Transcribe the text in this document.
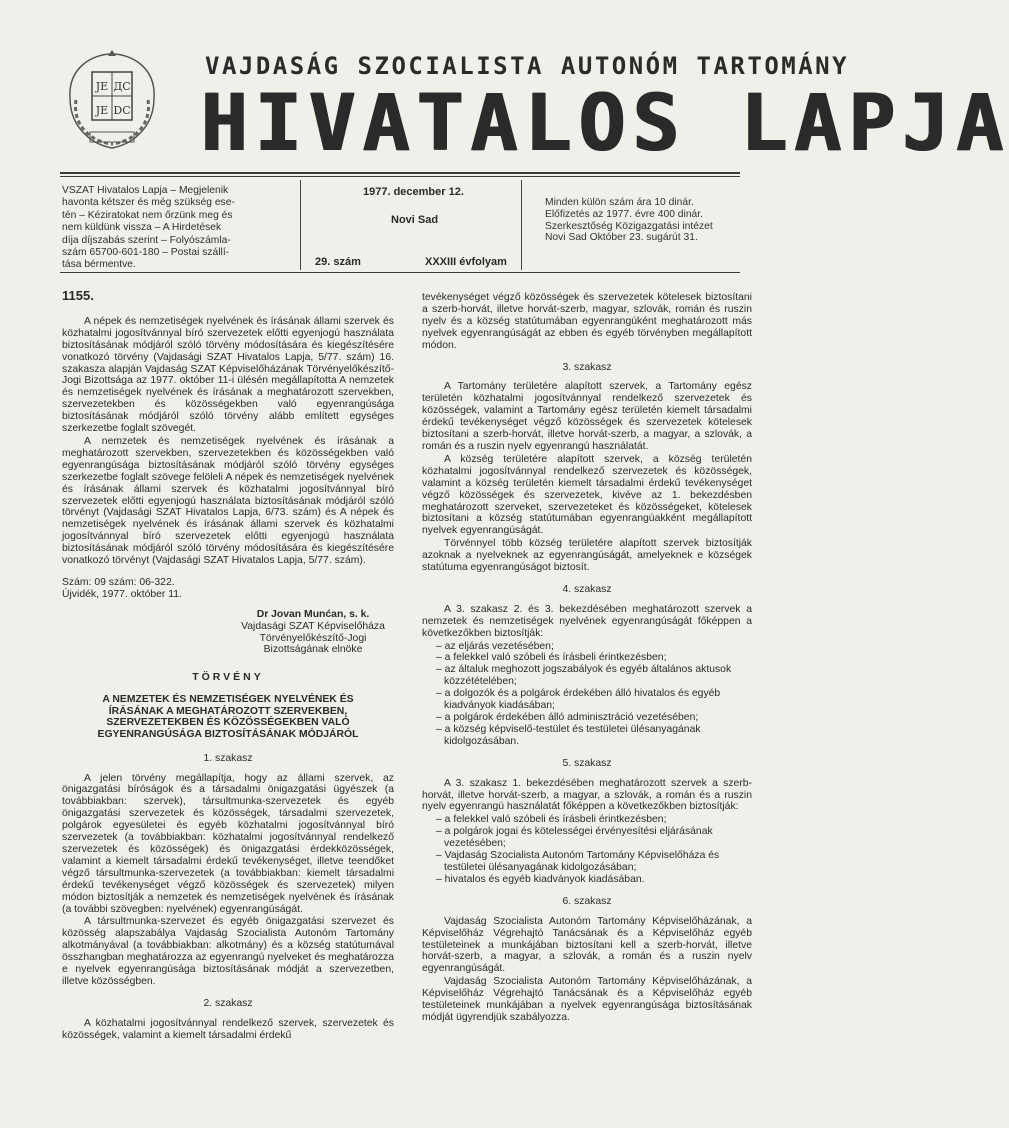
ЈЕ ДС
JE DC
VAJDASÁG SZOCIALISTA AUTONÓM TARTOMÁNY
HIVATALOS LAPJA
VSZAT Hivatalos Lapja – Megjelenik
havonta kétszer és még szükség ese-
tén – Kéziratokat nem őrzünk meg és
nem küldünk vissza – A Hirdetések
díja díjszabás szerint – Folyószámla-
szám 65700-601-180 – Postai szállí-
tása bérmentve.
1977. december 12.
Novi Sad
29. szám	XXXIII évfolyam
Minden külön szám ára 10 dinár.
Előfizetés az 1977. évre 400 dinár.
Szerkesztőség Közigazgatási intézet
Novi Sad Október 23. sugárút 31.
1155.

A népek és nemzetiségek nyelvének és írásának állami szervek és közhatalmi jogosítvánnyal bíró szervezetek előtti egyenjogú használata biztosításának módjáról szóló törvény módosítására és kiegészítésére vonatkozó törvény (Vajdasági SZAT Hivatalos Lapja, 5/77. szám) 16. szakasza alapján Vajdaság SZAT Képviselőházának Törvényelőkészítő-Jogi Bizottsága az 1977. október 11-i ülésén megállapította A nemzetek és nemzetiségek nyelvének és írásának a meghatározott szervekben, szervezetekben és közösségekben való egyenrangúsága biztosításának módjáról szóló törvény alább említett egységes szerkezetbe foglalt szövegét.

A nemzetek és nemzetiségek nyelvének és írásának a meghatározott szervekben, szervezetekben és közösségekben való egyenrangúsága biztosításának módjáról szóló törvény egységes szerkezetbe foglalt szövege felöleli A népek és nemzetiségek nyelvének és írásának állami szervek és közhatalmi jogosítvánnyal bíró szervezetek előtti egyenjogú használata biztosításának módjáról szóló törvényt (Vajdasági SZAT Hivatalos Lapja, 6/73. szám) és A népek és nemzetiségek nyelvének és írásának állami szervek és közhatalmi jogosítvánnyal bíró szervezetek előtti egyenjogú használata biztosításának módjáról szóló törvény módosítására és kiegészítésére vonatkozó törvényt (Vajdasági SZAT Hivatalos Lapja, 5/77. szám).

Szám: 09 szám: 06-322.
Újvidék, 1977. október 11.
Dr Jovan Munćan, s. k.
Vajdasági SZAT Képviselőháza
Törvényelőkészítő-Jogi
Bizottságának elnöke
TÖRVÉNY
A NEMZETEK ÉS NEMZETISÉGEK NYELVÉNEK ÉS
ÍRÁSÁNAK A MEGHATÁROZOTT SZERVEKBEN,
SZERVEZETEKBEN ÉS KÖZÖSSÉGEKBEN VALÓ
EGYENRANGÚSÁGA BIZTOSÍTÁSÁNAK MÓDJÁRÓL
1. szakasz

A jelen törvény megállapítja, hogy az állami szervek, az önigazgatási bíróságok és a társadalmi önigazgatási ügyészek (a továbbiakban: szervek), társultmunka-szervezetek és egyéb önigazgatási szervezetek és közösségek, társadalmi szervezetek, polgárok egyesületei és egyéb közhatalmi jogosítvánnyal bíró szervezetek (a továbbiakban: közhatalmi jogosítvánnyal rendelkező szervezetek és közösségek) és önigazgatási érdekközösségek, valamint a kiemelt társadalmi érdekű tevékenységet, illetve teendőket végző társultmunka-szervezetek (a továbbiakban: kiemelt társadalmi érdekű tevékenységet végző közösségek és szervezetek) milyen módon biztosítják a nemzetek és nemzetiségek nyelvének és írásának (a további szövegben: nyelvének) egyenrangúságát.

A társultmunka-szervezet és egyéb önigazgatási szervezet és közösség alapszabálya Vajdaság Szocialista Autonóm Tartomány alkotmányával (a továbbiakban: alkotmány) és a község statútumával összhangban meghatározza az egyenrangú nyelveket és meghatározza e nyelvek egyenrangúsága biztosításának módját a szervezetben, illetve közösségben.

2. szakasz

A közhatalmi jogosítvánnyal rendelkező szervek, szervezetek és közösségek, valamint a kiemelt társadalmi érdekű

tevékenységet végző közösségek és szervezetek kötelesek biztosítani a szerb-horvát, illetve horvát-szerb, magyar, szlovák, román és ruszin nyelv és a község statútumában egyenrangúként meghatározott más nyelvek egyenrangúságát az ebben és egyéb törvényben megállapított módon.

3. szakasz

A Tartomány területére alapított szervek, a Tartomány egész területén közhatalmi jogosítvánnyal rendelkező szervezetek és közösségek, valamint a Tartomány egész területén kiemelt társadalmi érdekű tevékenységet végző közösségek és szervezetek kötelesek biztosítani a szerb-horvát, illetve horvát-szerb, a magyar, a szlovák, a román és a ruszin nyelv egyenrangú használatát.

A község területére alapított szervek, a község területén közhatalmi jogosítvánnyal rendelkező szervezetek és közösségek, valamint a község területén kiemelt társadalmi érdekű tevékenységet végző közösségek és szervezetek, kivéve az 1. bekezdésben meghatározott szerveket, szervezeteket és közösségeket, kötelesek biztosítani a község statútumában egyenrangúakként megállapított nyelvek egyenrangúságát.

Törvénnyel több község területére alapított szervek biztosítják azoknak a nyelveknek az egyenrangúságát, amelyeknek e községek statútuma egyenrangúságot biztosít.

4. szakasz

A 3. szakasz 2. és 3. bekezdésében meghatározott szervek a nemzetek és nemzetiségek nyelvének egyenrangúságát főképpen a következőkben biztosítják:

– az eljárás vezetésében;
– a felekkel való szóbeli és írásbeli érintkezésben;
– az általuk meghozott jogszabályok és egyéb általános aktusok közzétételében;
– a dolgozók és a polgárok érdekében álló hivatalos és egyéb kiadványok kiadásában;
– a polgárok érdekében álló adminisztráció vezetésében;
– a község képviselő-testület és testületei ülésanyagának kidolgozásában.
5. szakasz

A 3. szakasz 1. bekezdésében meghatározott szervek a szerb-horvát, illetve horvát-szerb, a magyar, a szlovák, a román és a ruszin nyelv egyenrangú használatát főképpen a következőkben biztosítják:

– a felekkel való szóbeli és írásbeli érintkezésben;
– a polgárok jogai és kötelességei érvényesítési eljárásának vezetésében;
– Vajdaság Szocialista Autonóm Tartomány Képviselőháza és testületei ülésanyagának kidolgozásában;
– hivatalos és egyéb kiadványok kiadásában.
6. szakasz

Vajdaság Szocialista Autonóm Tartomány Képviselőházának, a Képviselőház Végrehajtó Tanácsának és a Képviselőház egyéb testületeinek a munkájában biztosítani kell a szerb-horvát, illetve horvát-szerb, a magyar, a szlovák, a román és a ruszin nyelv egyenrangúságát.

Vajdaság Szocialista Autonóm Tartomány Képviselőházának, a Képviselőház Végrehajtó Tanácsának és a Képviselőház egyéb testületeinek munkájában a nyelvek egyenrangúsága biztosításának módját ügyrendjük szabályozza.
